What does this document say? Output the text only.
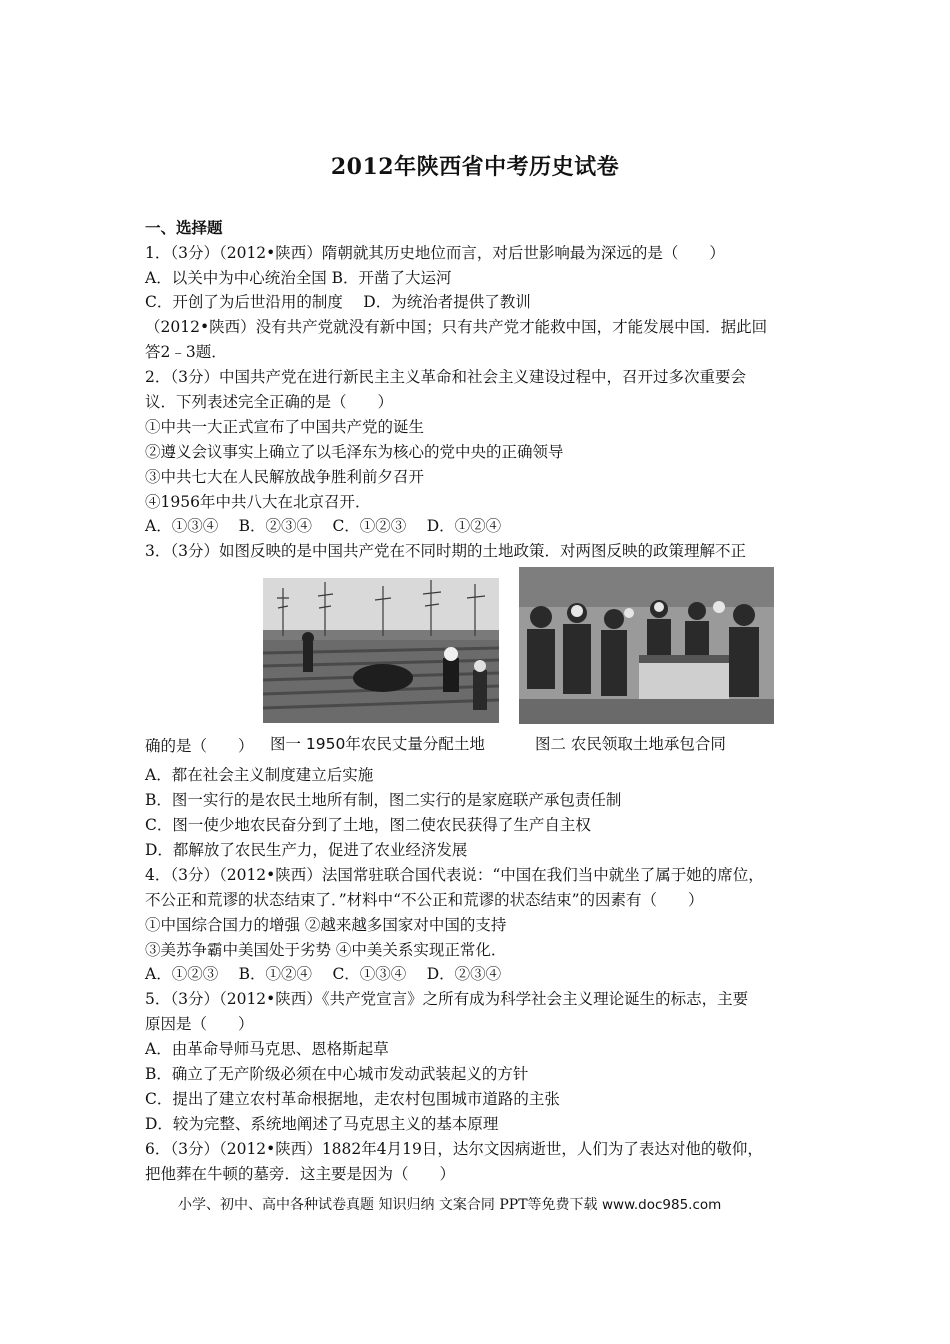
2012年陕西省中考历史试卷
一、选择题
1．（3分）（2012•陕西）隋朝就其历史地位而言，对后世影响最为深远的是（　　）
A．以关中为中心统治全国 B．开凿了大运河
C．开创了为后世沿用的制度　 D．为统治者提供了教训
（2012•陕西）没有共产党就没有新中国；只有共产党才能救中国，才能发展中国．据此回
答2﹣3题．
2．（3分）中国共产党在进行新民主主义革命和社会主义建设过程中，召开过多次重要会
议．下列表述完全正确的是（　　）
①中共一大正式宣布了中国共产党的诞生
②遵义会议事实上确立了以毛泽东为核心的党中央的正确领导
③中共七大在人民解放战争胜利前夕召开
④1956年中共八大在北京召开．
A．①③④　 B．②③④　 C．①②③　 D．①②④
3．（3分）如图反映的是中国共产党在不同时期的土地政策．对两图反映的政策理解不正
确的是（　　） 图一 1950年农民丈量分配土地	图二 农民领取土地承包合同
A．都在社会主义制度建立后实施
B．图一实行的是农民土地所有制，图二实行的是家庭联产承包责任制
C．图一使少地农民奋分到了土地，图二使农民获得了生产自主权
D．都解放了农民生产力，促进了农业经济发展
4．（3分）（2012•陕西）法国常驻联合国代表说：“中国在我们当中就坐了属于她的席位，
不公正和荒谬的状态结束了．”材料中“不公正和荒谬的状态结束”的因素有（　　）
①中国综合国力的增强 ②越来越多国家对中国的支持
③美苏争霸中美国处于劣势 ④中美关系实现正常化．
A．①②③　 B．①②④　 C．①③④　 D．②③④
5．（3分）（2012•陕西）《共产党宣言》之所有成为科学社会主义理论诞生的标志，主要
原因是（　　）
A．由革命导师马克思、恩格斯起草
B．确立了无产阶级必须在中心城市发动武装起义的方针
C．提出了建立农村革命根据地，走农村包围城市道路的主张
D．较为完整、系统地阐述了马克思主义的基本原理
6．（3分）（2012•陕西）1882年4月19日，达尔文因病逝世，人们为了表达对他的敬仰，
把他葬在牛顿的墓旁．这主要是因为（　　）
小学、初中、高中各种试卷真题 知识归纳 文案合同 PPT等免费下载 www.doc985.com
